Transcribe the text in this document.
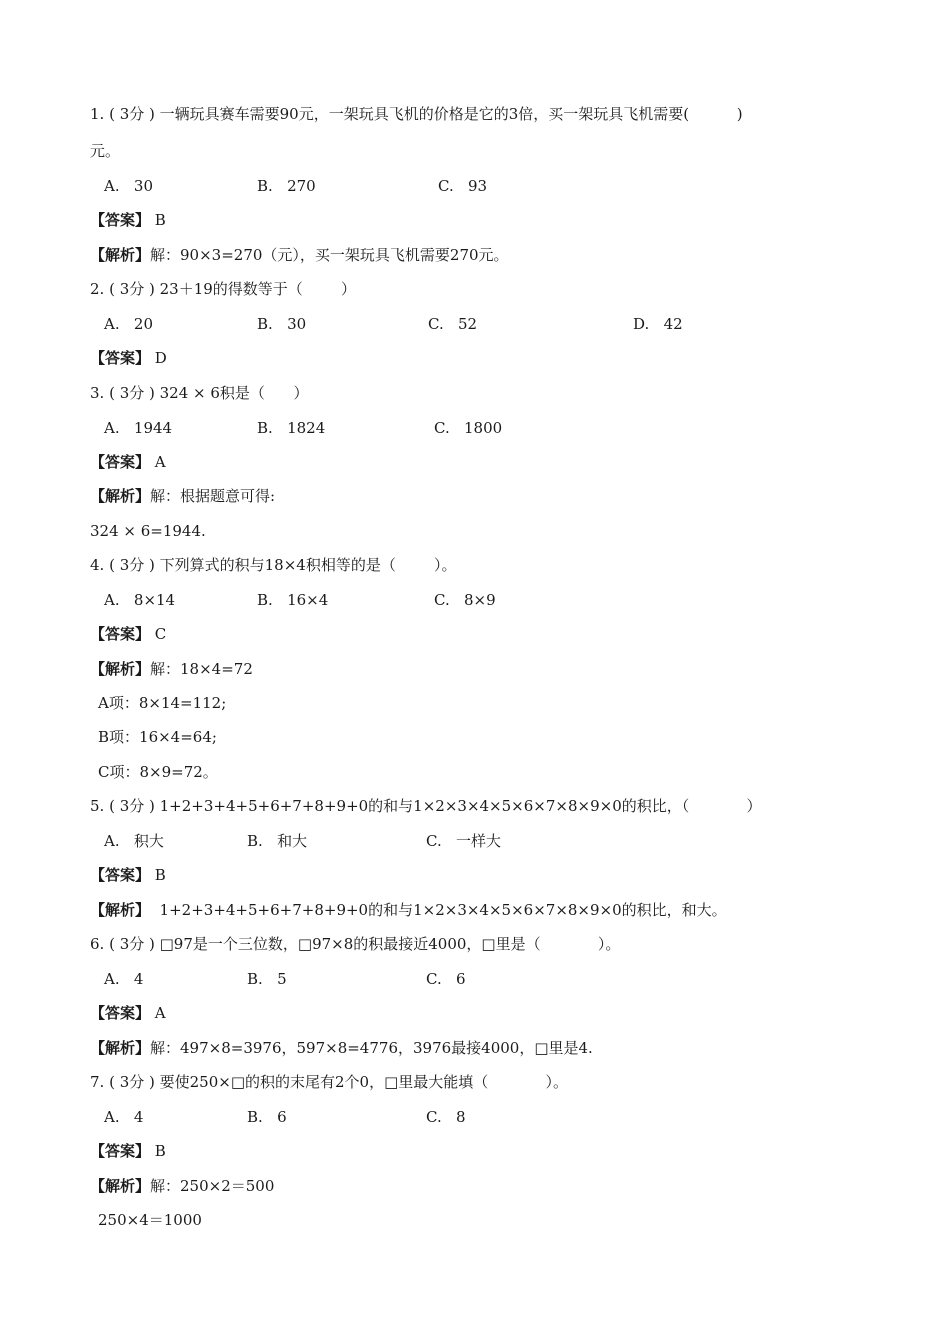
1. ( 3分 ) 一辆玩具赛车需要90元，一架玩具飞机的价格是它的3倍，买一架玩具飞机需要(          )
元。
A.   30	B.   270	C.   93
【答案】 B
【解析】解：90×3=270（元），买一架玩具飞机需要270元。
2. ( 3分 ) 23＋19的得数等于（        ）
A.   20	B.   30	C.   52	D.   42
【答案】 D
3. ( 3分 ) 324 × 6积是（      ）
A.   1944	B.   1824	C.   1800
【答案】 A
【解析】解：根据题意可得:
324 × 6=1944.
4. ( 3分 ) 下列算式的积与18×4积相等的是（        ）。
A.   8×14	B.   16×4	C.   8×9
【答案】 C
【解析】解：18×4=72
A项：8×14=112;
B项：16×4=64;
C项：8×9=72。
5. ( 3分 ) 1+2+3+4+5+6+7+8+9+0的和与1×2×3×4×5×6×7×8×9×0的积比，（            ）
A.   积大	B.   和大	C.   一样大
【答案】 B
【解析】  1+2+3+4+5+6+7+8+9+0的和与1×2×3×4×5×6×7×8×9×0的积比，和大。
6. ( 3分 ) □97是一个三位数，□97×8的积最接近4000，□里是（            ）。
A.   4	B.   5	C.   6
【答案】 A
【解析】解：497×8=3976，597×8=4776，3976最接4000，□里是4.
7. ( 3分 ) 要使250×□的积的末尾有2个0，□里最大能填（            ）。
A.   4	B.   6	C.   8
【答案】 B
【解析】解：250×2＝500
250×4＝1000
